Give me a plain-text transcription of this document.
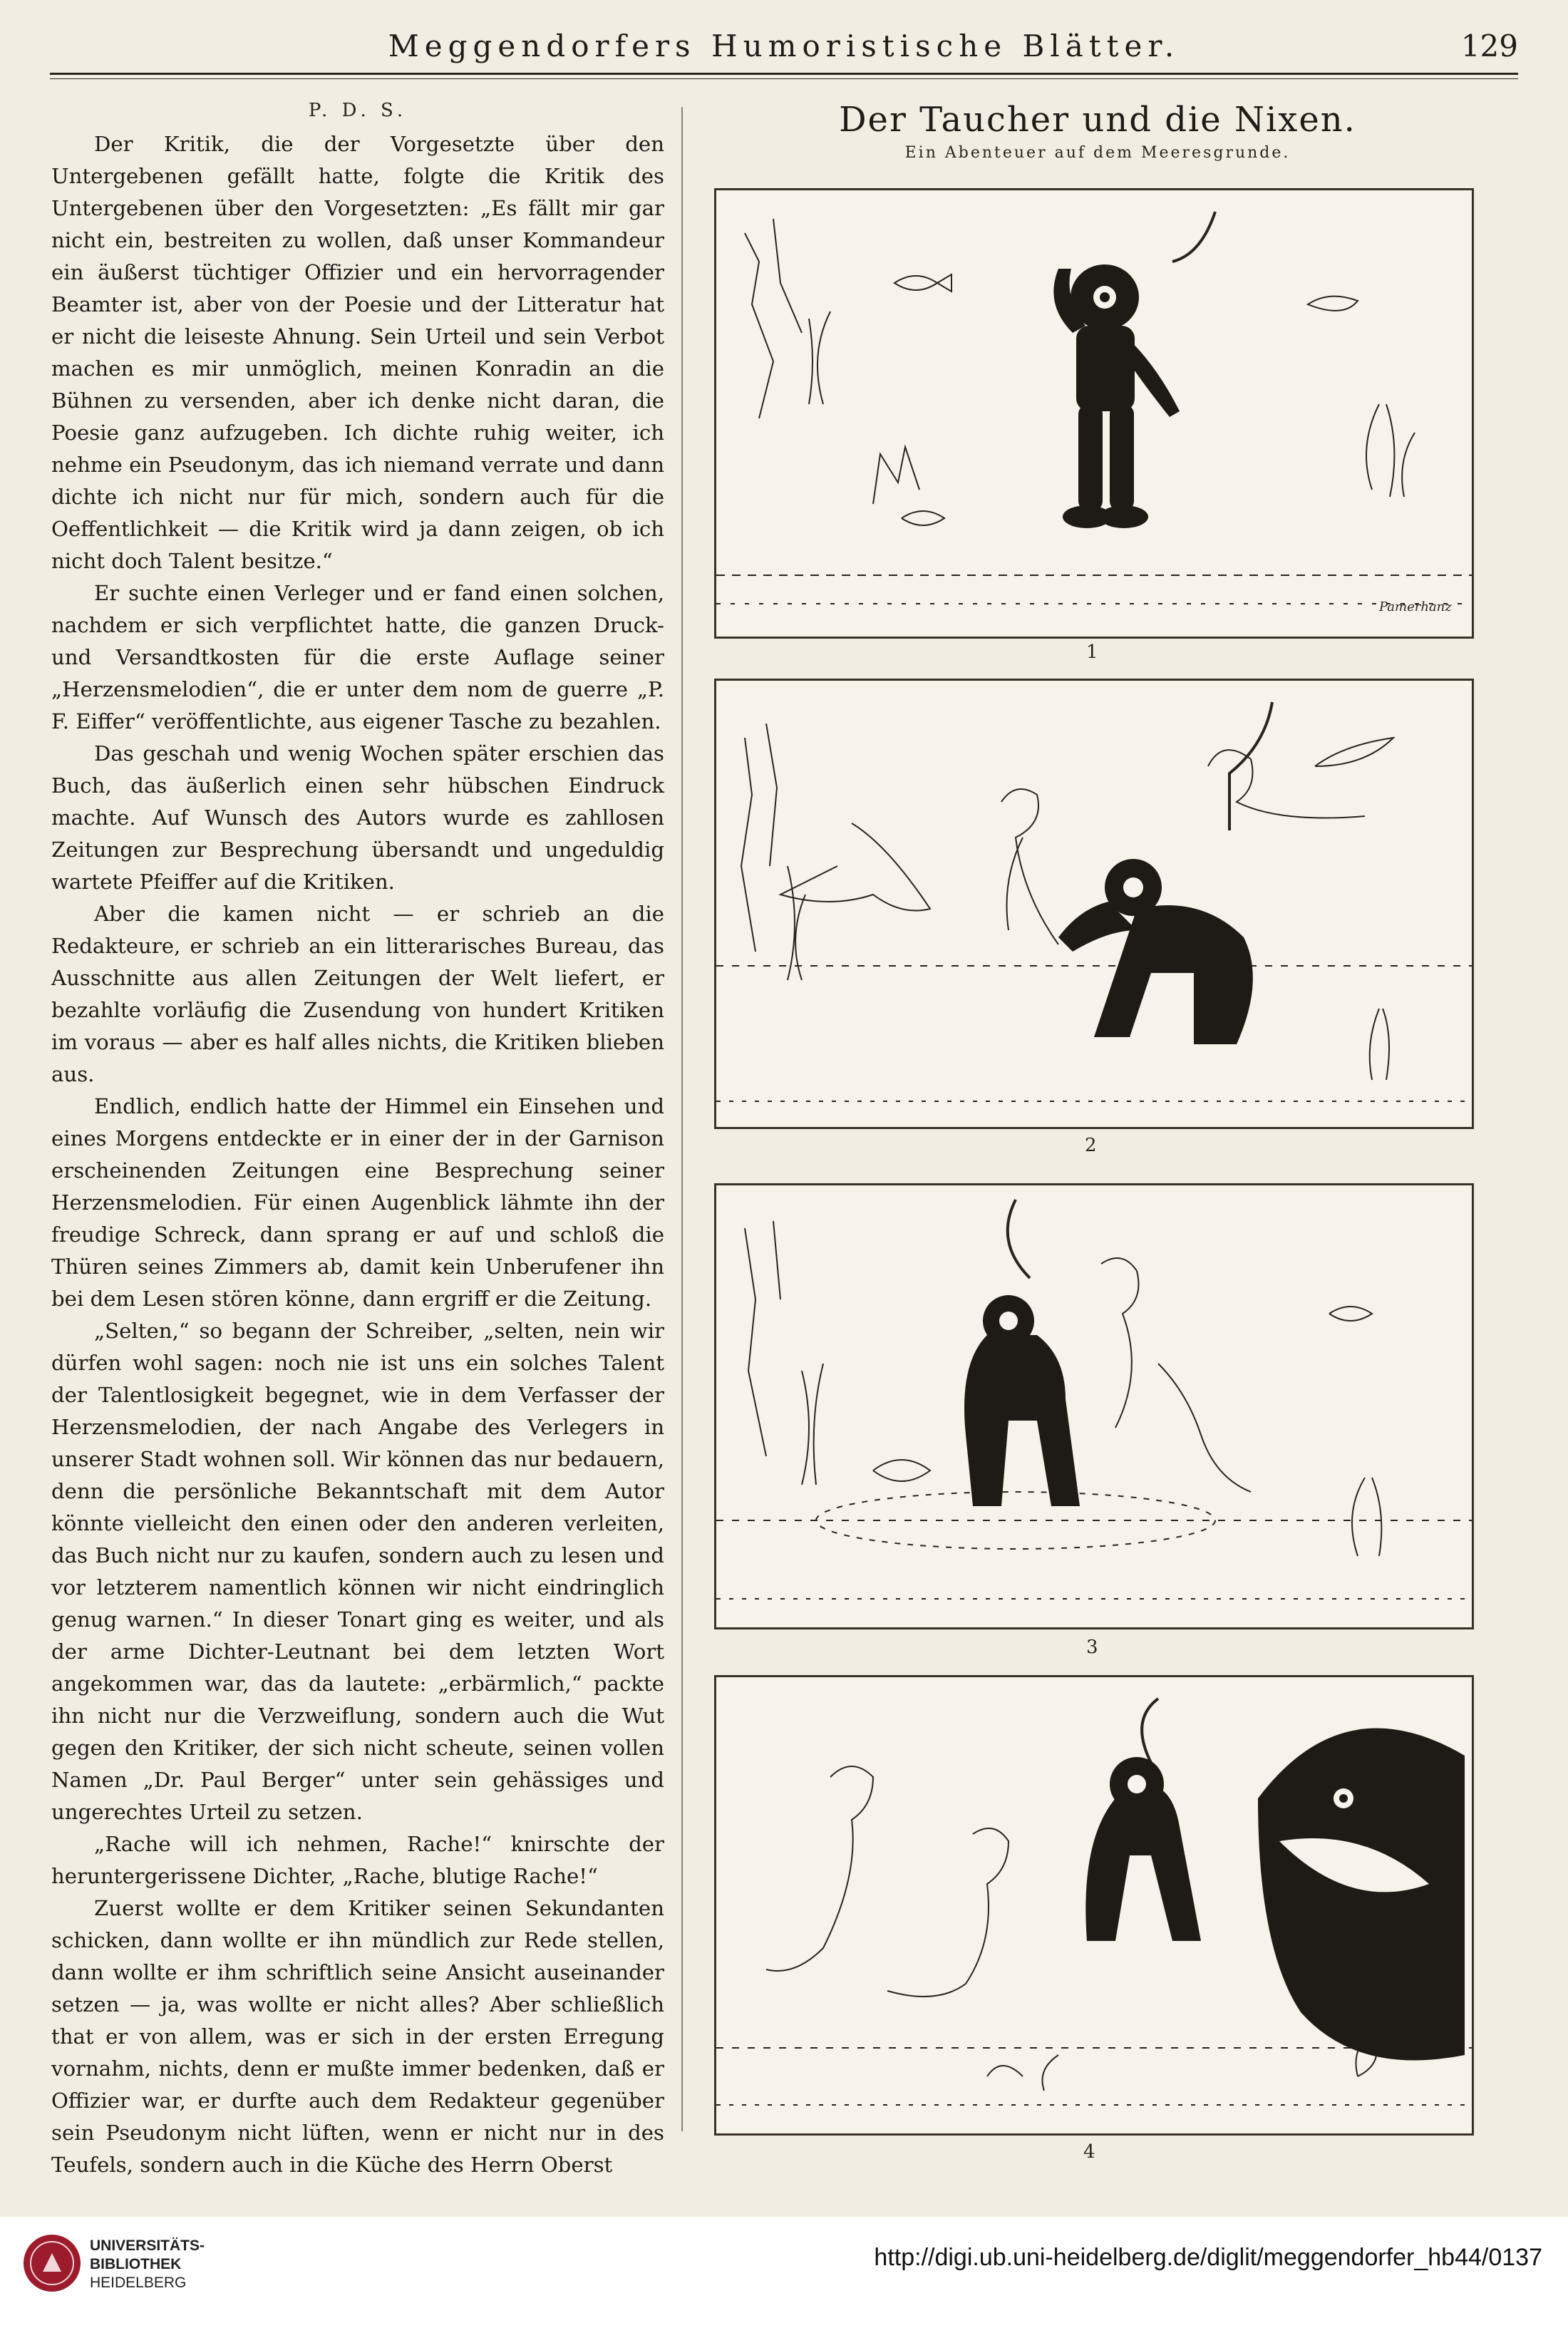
Meggendorfers Humoristische Blätter.	129
P. D. S.

Der Kritik, die der Vorgesetzte über den Untergebenen gefällt hatte, folgte die Kritik des Untergebenen über den Vorgesetzten: „Es fällt mir gar nicht ein, bestreiten zu wollen, daß unser Kommandeur ein äußerst tüchtiger Offizier und ein hervorragender Beamter ist, aber von der Poesie und der Litteratur hat er nicht die leiseste Ahnung. Sein Urteil und sein Verbot machen es mir unmöglich, meinen Konradin an die Bühnen zu versenden, aber ich denke nicht daran, die Poesie ganz aufzugeben. Ich dichte ruhig weiter, ich nehme ein Pseudonym, das ich niemand verrate und dann dichte ich nicht nur für mich, sondern auch für die Oeffentlichkeit — die Kritik wird ja dann zeigen, ob ich nicht doch Talent besitze.“

Er suchte einen Verleger und er fand einen solchen, nachdem er sich verpflichtet hatte, die ganzen Druck- und Versandtkosten für die erste Auflage seiner „Herzensmelodien“, die er unter dem nom de guerre „P. F. Eiffer“ veröffentlichte, aus eigener Tasche zu bezahlen.

Das geschah und wenig Wochen später erschien das Buch, das äußerlich einen sehr hübschen Eindruck machte. Auf Wunsch des Autors wurde es zahllosen Zeitungen zur Besprechung übersandt und ungeduldig wartete Pfeiffer auf die Kritiken.

Aber die kamen nicht — er schrieb an die Redakteure, er schrieb an ein litterarisches Bureau, das Ausschnitte aus allen Zeitungen der Welt liefert, er bezahlte vorläufig die Zusendung von hundert Kritiken im voraus — aber es half alles nichts, die Kritiken blieben aus.

Endlich, endlich hatte der Himmel ein Einsehen und eines Morgens entdeckte er in einer der in der Garnison erscheinenden Zeitungen eine Besprechung seiner Herzensmelodien. Für einen Augenblick lähmte ihn der freudige Schreck, dann sprang er auf und schloß die Thüren seines Zimmers ab, damit kein Unberufener ihn bei dem Lesen stören könne, dann ergriff er die Zeitung.

„Selten,“ so begann der Schreiber, „selten, nein wir dürfen wohl sagen: noch nie ist uns ein solches Talent der Talentlosigkeit begegnet, wie in dem Verfasser der Herzensmelodien, der nach Angabe des Verlegers in unserer Stadt wohnen soll. Wir können das nur bedauern, denn die persönliche Bekanntschaft mit dem Autor könnte vielleicht den einen oder den anderen verleiten, das Buch nicht nur zu kaufen, sondern auch zu lesen und vor letzterem namentlich können wir nicht eindringlich genug warnen.“ In dieser Tonart ging es weiter, und als der arme Dichter-Leutnant bei dem letzten Wort angekommen war, das da lautete: „erbärmlich,“ packte ihn nicht nur die Verzweiflung, sondern auch die Wut gegen den Kritiker, der sich nicht scheute, seinen vollen Namen „Dr. Paul Berger“ unter sein gehässiges und ungerechtes Urteil zu setzen.

„Rache will ich nehmen, Rache!“ knirschte der heruntergerissene Dichter, „Rache, blutige Rache!“

Zuerst wollte er dem Kritiker seinen Sekundanten schicken, dann wollte er ihn mündlich zur Rede stellen, dann wollte er ihm schriftlich seine Ansicht auseinander setzen — ja, was wollte er nicht alles? Aber schließlich that er von allem, was er sich in der ersten Erregung vornahm, nichts, denn er mußte immer bedenken, daß er Offizier war, er durfte auch dem Redakteur gegenüber sein Pseudonym nicht lüften, wenn er nicht nur in des Teufels, sondern auch in die Küche des Herrn Oberst

Der Taucher und die Nixen.
Ein Abenteuer auf dem Meeresgrunde.
Pamerhanz
1
2
3
4
UNIVERSITÄTS-
BIBLIOTHEK
HEIDELBERG
http://digi.ub.uni-heidelberg.de/diglit/meggendorfer_hb44/0137
